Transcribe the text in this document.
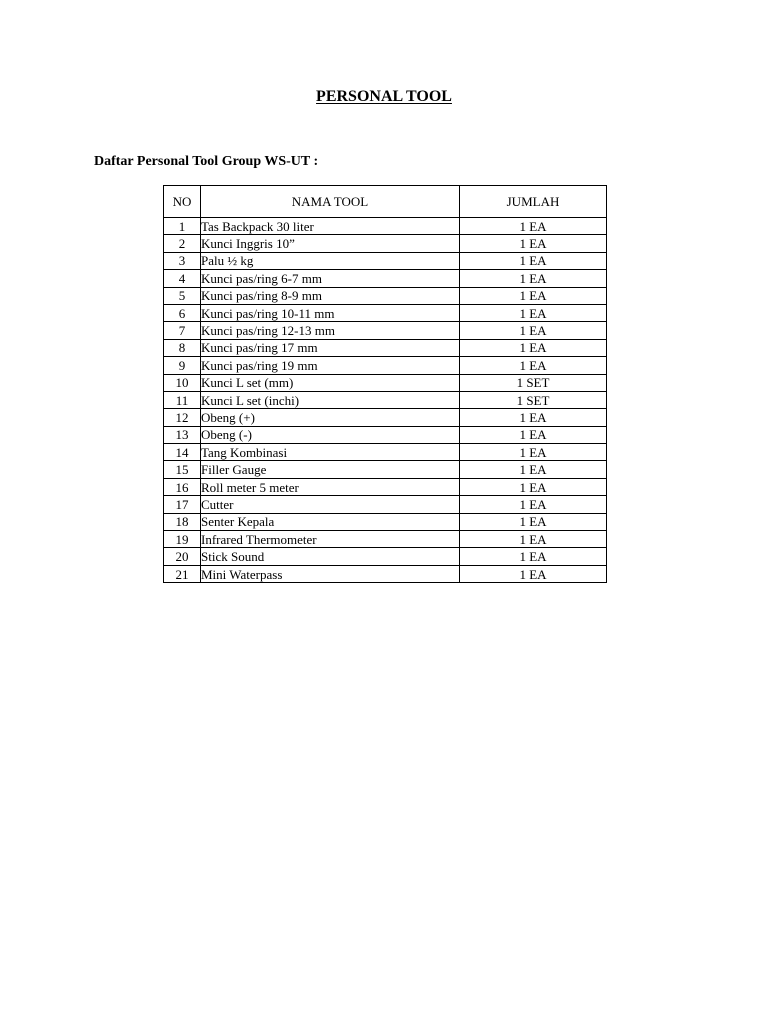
PERSONAL TOOL
Daftar Personal Tool Group WS-UT :
NO	NAMA TOOL	JUMLAH
1	Tas Backpack 30 liter	1 EA
2	Kunci Inggris 10”	1 EA
3	Palu ½ kg	1 EA
4	Kunci pas/ring 6-7 mm	1 EA
5	Kunci pas/ring 8-9 mm	1 EA
6	Kunci pas/ring 10-11 mm	1 EA
7	Kunci pas/ring 12-13 mm	1 EA
8	Kunci pas/ring 17 mm	1 EA
9	Kunci pas/ring 19 mm	1 EA
10	Kunci L set (mm)	1 SET
11	Kunci L set (inchi)	1 SET
12	Obeng (+)	1 EA
13	Obeng (-)	1 EA
14	Tang Kombinasi	1 EA
15	Filler Gauge	1 EA
16	Roll meter 5 meter	1 EA
17	Cutter	1 EA
18	Senter Kepala	1 EA
19	Infrared Thermometer	1 EA
20	Stick Sound	1 EA
21	Mini Waterpass	1 EA
